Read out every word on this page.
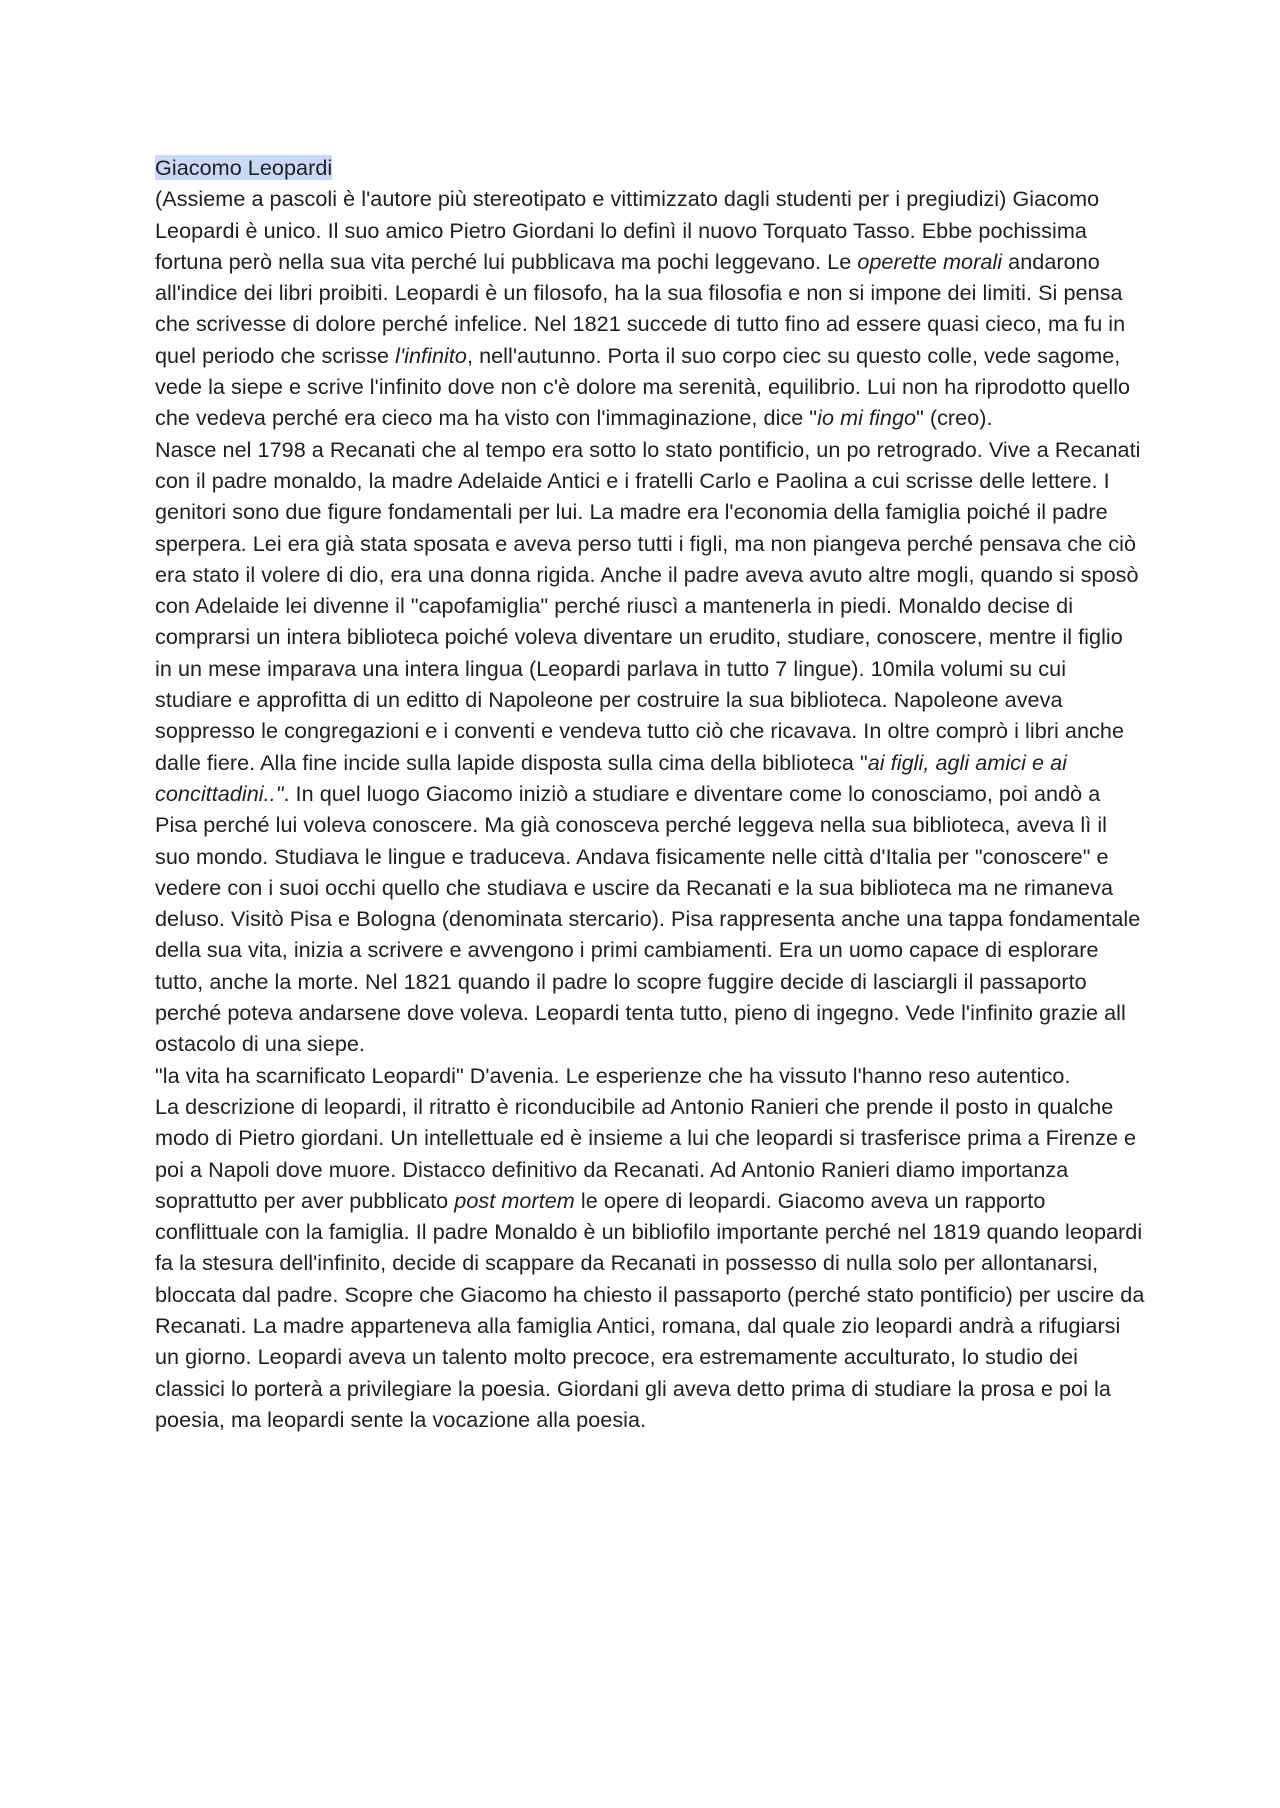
Giacomo Leopardi

(Assieme a pascoli è l'autore più stereotipato e vittimizzato dagli studenti per i pregiudizi) Giacomo Leopardi è unico. Il suo amico Pietro Giordani lo definì il nuovo Torquato Tasso. Ebbe pochissima fortuna però nella sua vita perché lui pubblicava ma pochi leggevano. Le operette morali andarono all'indice dei libri proibiti. Leopardi è un filosofo, ha la sua filosofia e non si impone dei limiti. Si pensa che scrivesse di dolore perché infelice. Nel 1821 succede di tutto fino ad essere quasi cieco, ma fu in quel periodo che scrisse l'infinito, nell'autunno. Porta il suo corpo ciec su questo colle, vede sagome, vede la siepe e scrive l'infinito dove non c'è dolore ma serenità, equilibrio. Lui non ha riprodotto quello che vedeva perché era cieco ma ha visto con l'immaginazione, dice "io mi fingo" (creo).

Nasce nel 1798 a Recanati che al tempo era sotto lo stato pontificio, un po retrogrado. Vive a Recanati con il padre monaldo, la madre Adelaide Antici e i fratelli Carlo e Paolina a cui scrisse delle lettere. I genitori sono due figure fondamentali per lui. La madre era l'economia della famiglia poiché il padre sperpera. Lei era già stata sposata e aveva perso tutti i figli, ma non piangeva perché pensava che ciò era stato il volere di dio, era una donna rigida. Anche il padre aveva avuto altre mogli, quando si sposò con Adelaide lei divenne il "capofamiglia" perché riuscì a mantenerla in piedi. Monaldo decise di comprarsi un intera biblioteca poiché voleva diventare un erudito, studiare, conoscere, mentre il figlio in un mese imparava una intera lingua (Leopardi parlava in tutto 7 lingue). 10mila volumi su cui studiare e approfitta di un editto di Napoleone per costruire la sua biblioteca. Napoleone aveva soppresso le congregazioni e i conventi e vendeva tutto ciò che ricavava. In oltre comprò i libri anche dalle fiere. Alla fine incide sulla lapide disposta sulla cima della biblioteca "ai figli, agli amici e ai concittadini..". In quel luogo Giacomo iniziò a studiare e diventare come lo conosciamo, poi andò a Pisa perché lui voleva conoscere. Ma già conosceva perché leggeva nella sua biblioteca, aveva lì il suo mondo. Studiava le lingue e traduceva. Andava fisicamente nelle città d'Italia per "conoscere" e vedere con i suoi occhi quello che studiava e uscire da Recanati e la sua biblioteca ma ne rimaneva deluso. Visitò Pisa e Bologna (denominata stercario). Pisa rappresenta anche una tappa fondamentale della sua vita, inizia a scrivere e avvengono i primi cambiamenti. Era un uomo capace di esplorare tutto, anche la morte. Nel 1821 quando il padre lo scopre fuggire decide di lasciargli il passaporto perché poteva andarsene dove voleva. Leopardi tenta tutto, pieno di ingegno. Vede l'infinito grazie all ostacolo di una siepe.

"la vita ha scarnificato Leopardi" D'avenia. Le esperienze che ha vissuto l'hanno reso autentico.

La descrizione di leopardi, il ritratto è riconducibile ad Antonio Ranieri che prende il posto in qualche modo di Pietro giordani. Un intellettuale ed è insieme a lui che leopardi si trasferisce prima a Firenze e poi a Napoli dove muore. Distacco definitivo da Recanati. Ad Antonio Ranieri diamo importanza soprattutto per aver pubblicato post mortem le opere di leopardi. Giacomo aveva un rapporto conflittuale con la famiglia. Il padre Monaldo è un bibliofilo importante perché nel 1819 quando leopardi fa la stesura dell'infinito, decide di scappare da Recanati in possesso di nulla solo per allontanarsi, bloccata dal padre. Scopre che Giacomo ha chiesto il passaporto (perché stato pontificio) per uscire da Recanati. La madre apparteneva alla famiglia Antici, romana, dal quale zio leopardi andrà a rifugiarsi un giorno. Leopardi aveva un talento molto precoce, era estremamente acculturato, lo studio dei classici lo porterà a privilegiare la poesia. Giordani gli aveva detto prima di studiare la prosa e poi la poesia, ma leopardi sente la vocazione alla poesia.
